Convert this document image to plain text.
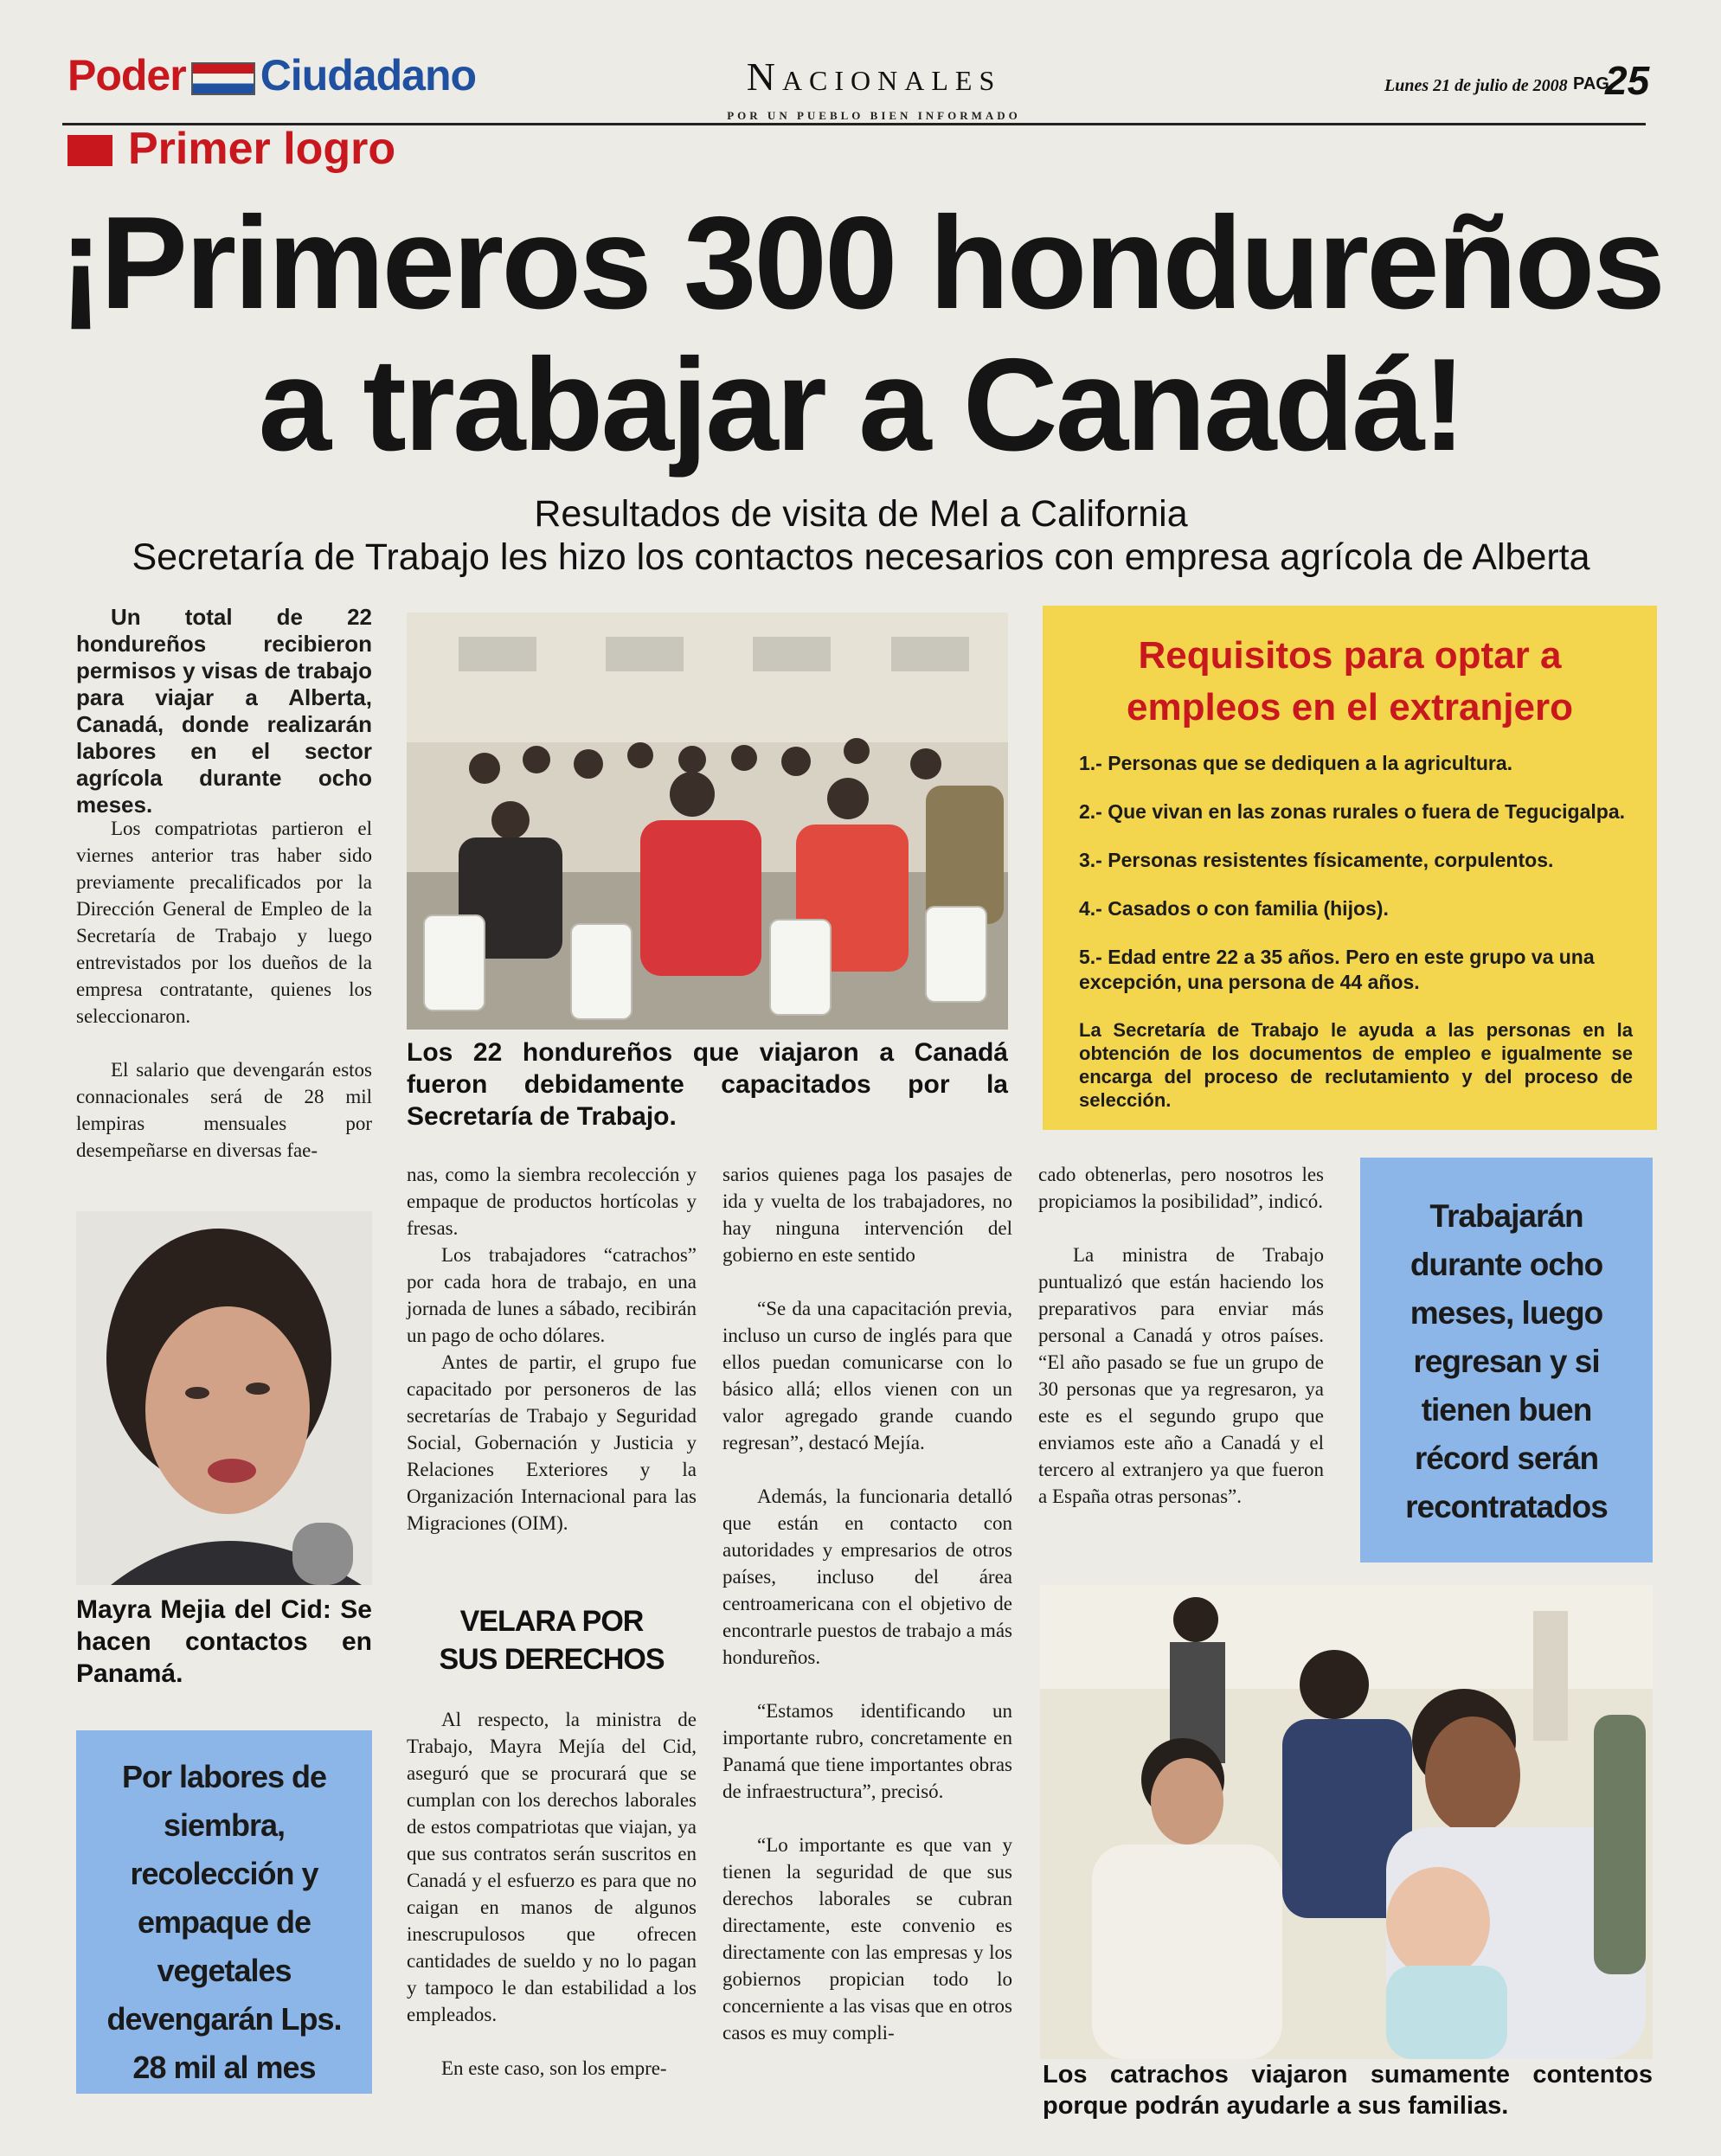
Poder Ciudadano	Nacionales
POR UN PUEBLO BIEN INFORMADO
Lunes 21 de julio de 2008 PAG
25
Primer logro
¡Primeros 300 hondureños
a trabajar a Canadá!
Resultados de visita de Mel a California
Secretaría de Trabajo les hizo los contactos necesarios con empresa agrícola de Alberta
Un total de 22 hondureños recibieron permisos y visas de trabajo para viajar a Alberta, Canadá, donde realizarán labores en el sector agrícola durante ocho meses.

Los compatriotas partieron el viernes anterior tras haber sido previamente precalificados por la Dirección General de Empleo de la Secretaría de Trabajo y luego entrevistados por los dueños de la empresa contratante, quienes los seleccionaron.

El salario que devengarán estos connacionales será de 28 mil lempiras mensuales por desempeñarse en diversas fae-

Los 22 hondureños que viajaron a Canadá fueron debidamente capacitados por la Secretaría de Trabajo.
Requisitos para optar a empleos en el extranjero
1.- Personas que se dediquen a la agricultura.
2.- Que vivan en las zonas rurales o fuera de Tegucigalpa.
3.- Personas resistentes físicamente, corpulentos.
4.- Casados o con familia (hijos).
5.- Edad entre 22 a 35 años. Pero en este grupo va una excepción, una persona de 44 años.
La Secretaría de Trabajo le ayuda a las personas en la obtención de los documentos de empleo e igualmente se encarga del proceso de reclutamiento y del proceso de selección.
Mayra Mejia del Cid: Se hacen contactos en Panamá.
Por labores de siembra, recolección y empaque de vegetales devengarán Lps. 28 mil al mes

nas, como la siembra recolección y empaque de productos hortícolas y fresas.

Los trabajadores “catrachos” por cada hora de trabajo, en una jornada de lunes a sábado, recibirán un pago de ocho dólares.

Antes de partir, el grupo fue capacitado por personeros de las secretarías de Trabajo y Seguridad Social, Gobernación y Justicia y Relaciones Exteriores y la Organización Internacional para las Migraciones (OIM).

VELARA POR
SUS DERECHOS

Al respecto, la ministra de Trabajo, Mayra Mejía del Cid, aseguró que se procurará que se cumplan con los derechos laborales de estos compatriotas que viajan, ya que sus contratos serán suscritos en Canadá y el esfuerzo es para que no caigan en manos de algunos inescrupulosos que ofrecen cantidades de sueldo y no lo pagan y tampoco le dan estabilidad a los empleados.

En este caso, son los empre-

sarios quienes paga los pasajes de ida y vuelta de los trabajadores, no hay ninguna intervención del gobierno en este sentido

“Se da una capacitación previa, incluso un curso de inglés para que ellos puedan comunicarse con lo básico allá; ellos vienen con un valor agregado grande cuando regresan”, destacó Mejía.

Además, la funcionaria detalló que están en contacto con autoridades y empresarios de otros países, incluso del área centroamericana con el objetivo de encontrarle puestos de trabajo a más hondureños.

“Estamos identificando un importante rubro, concretamente en Panamá que tiene importantes obras de infraestructura”, precisó.

“Lo importante es que van y tienen la seguridad de que sus derechos laborales se cubran directamente, este convenio es directamente con las empresas y los gobiernos propician todo lo concerniente a las visas que en otros casos es muy compli-

cado obtenerlas, pero nosotros les propiciamos la posibilidad”, indicó.

La ministra de Trabajo puntualizó que están haciendo los preparativos para enviar más personal a Canadá y otros países. “El año pasado se fue un grupo de 30 personas que ya regresaron, ya este es el segundo grupo que enviamos este año a Canadá y el tercero al extranjero ya que fueron a España otras personas”.

Trabajarán durante ocho meses, luego regresan y si tienen buen récord serán recontratados
Los catrachos viajaron sumamente contentos porque podrán ayudarle a sus familias.
